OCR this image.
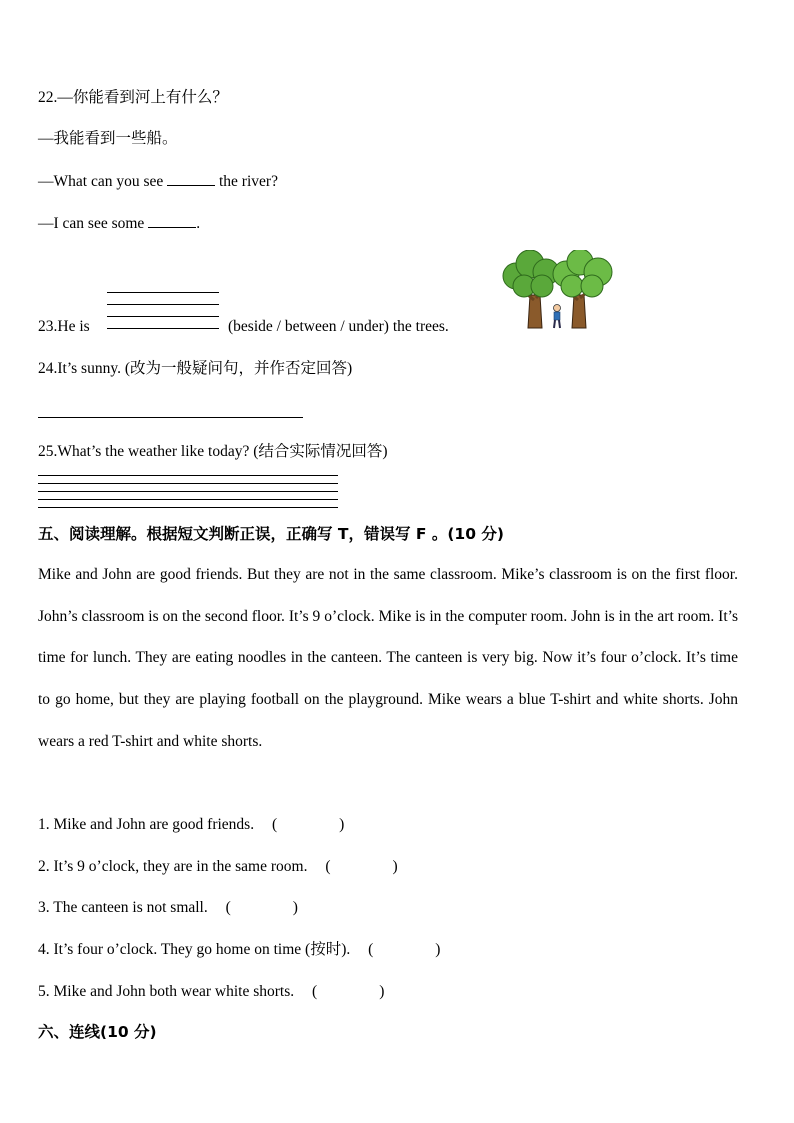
22.—你能看到河上有什么？
—我能看到一些船。
—What can you see	the river?
—I can see some	.
23.He is	(beside / between / under) the trees.
24.It’s sunny. (改为一般疑问句，并作否定回答)
25.What’s the weather like today? (结合实际情况回答)
五、阅读理解。根据短文判断正误，正确写 T，错误写 F 。(10 分)
Mike and John are good friends. But they are not in the same classroom. Mike’s classroom is on the first floor. John’s classroom is on the second floor. It’s 9 o’clock. Mike is in the computer room. John is in the art room. It’s time for lunch. They are eating noodles in the canteen. The canteen is very big. Now it’s four o’clock. It’s time to go home, but they are playing football on the playground. Mike wears a blue T-shirt and white shorts. John wears a red T-shirt and white shorts.
1. Mike and John are good friends. (　　　　)
2. It’s 9 o’clock, they are in the same room. (　　　　)
3. The canteen is not small. (　　　　)
4. It’s four o’clock. They go home on time (按时). (　　　　)
5. Mike and John both wear white shorts. (　　　　)
六、连线(10 分)
